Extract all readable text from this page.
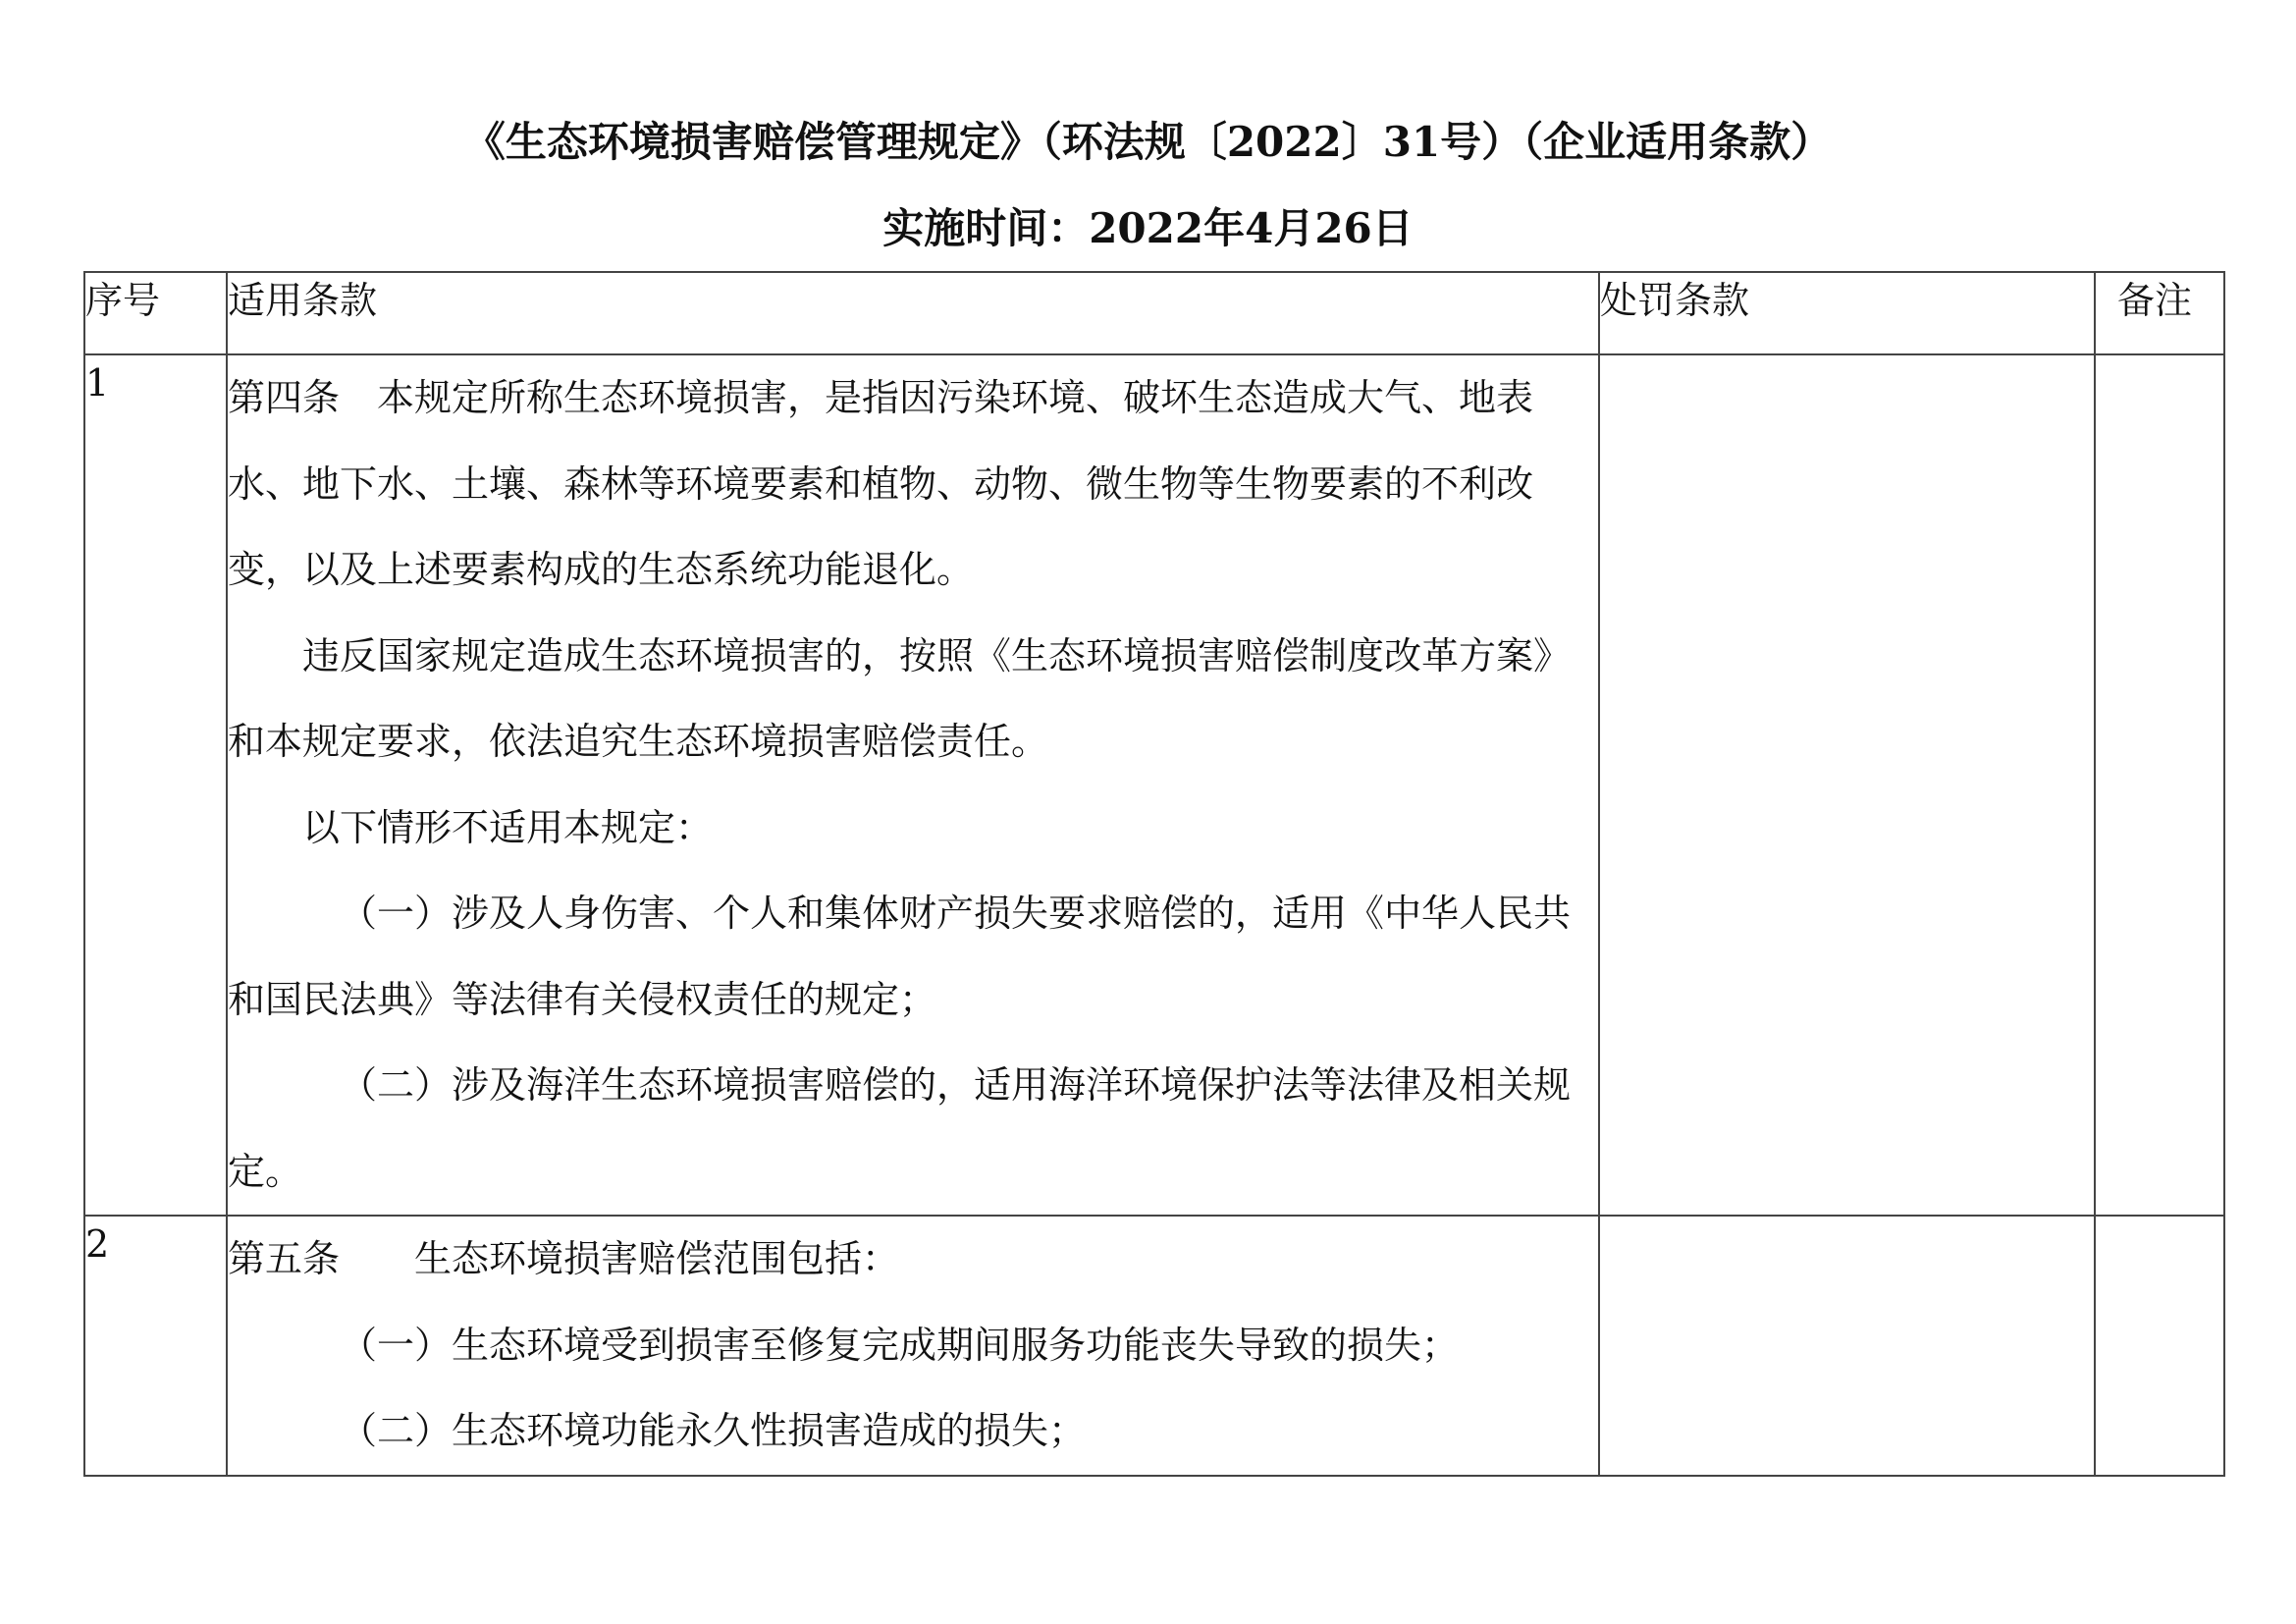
《生态环境损害赔偿管理规定》（环法规〔2022〕31号）（企业适用条款）
实施时间：2022年4月26日
序号	适用条款	处罚条款	备注
1	第四条　本规定所称生态环境损害，是指因污染环境、破坏生态造成大气、地表水、地下水、土壤、森林等环境要素和植物、动物、微生物等生物要素的不利改变，以及上述要素构成的生态系统功能退化。

违反国家规定造成生态环境损害的，按照《生态环境损害赔偿制度改革方案》和本规定要求，依法追究生态环境损害赔偿责任。

以下情形不适用本规定：

（一）涉及人身伤害、个人和集体财产损失要求赔偿的，适用《中华人民共和国民法典》等法律有关侵权责任的规定；

（二）涉及海洋生态环境损害赔偿的，适用海洋环境保护法等法律及相关规定。		

2	第五条　　生态环境损害赔偿范围包括：

（一）生态环境受到损害至修复完成期间服务功能丧失导致的损失；

（二）生态环境功能永久性损害造成的损失；		
